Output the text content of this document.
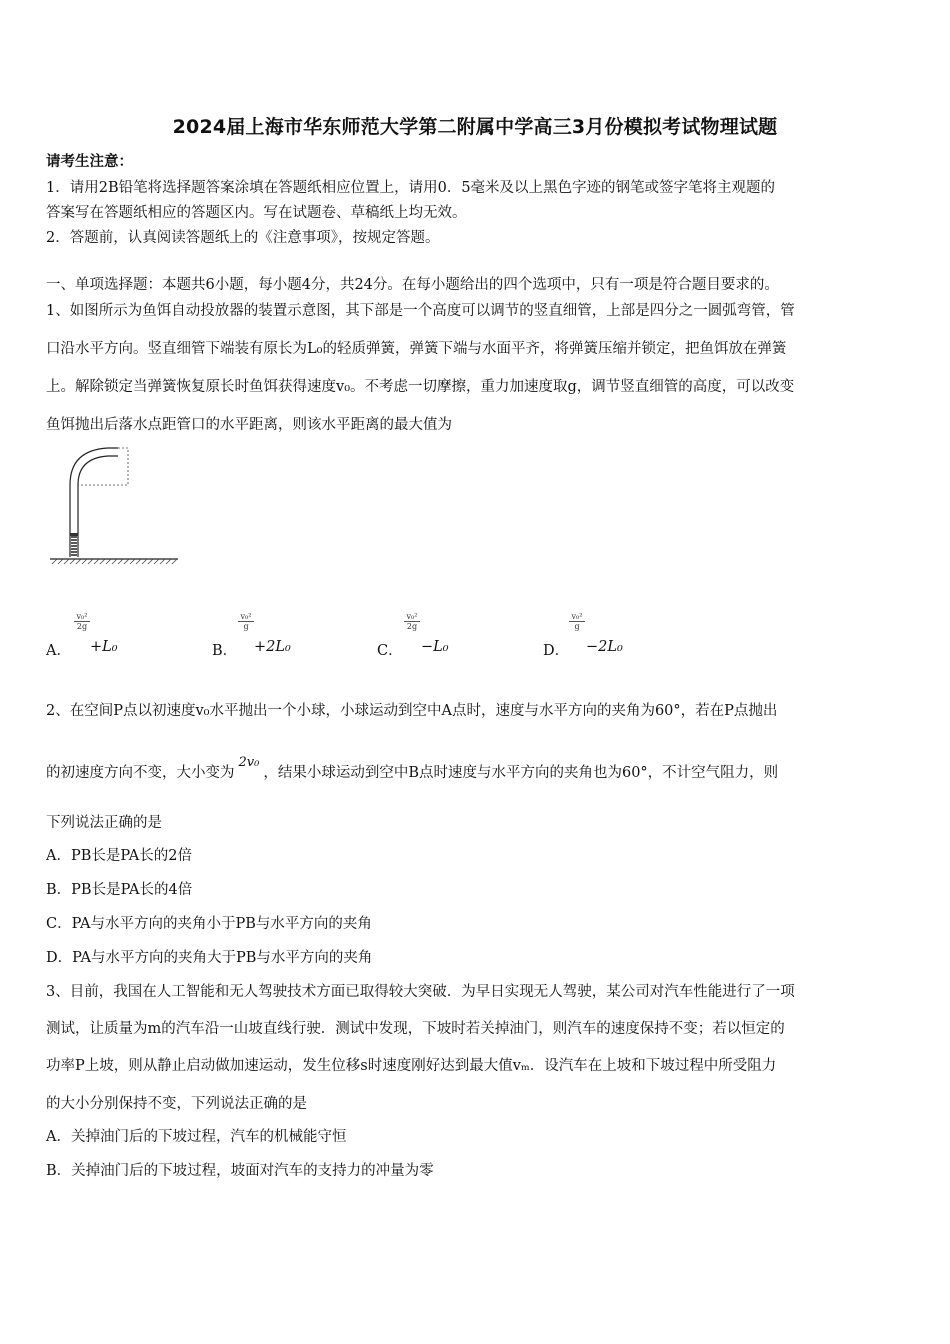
2024届上海市华东师范大学第二附属中学高三3月份模拟考试物理试题
请考生注意：
1．请用2B铅笔将选择题答案涂填在答题纸相应位置上，请用0．5毫米及以上黑色字迹的钢笔或签字笔将主观题的
答案写在答题纸相应的答题区内。写在试题卷、草稿纸上均无效。
2．答题前，认真阅读答题纸上的《注意事项》，按规定答题。
一、单项选择题：本题共6小题，每小题4分，共24分。在每小题给出的四个选项中，只有一项是符合题目要求的。
1、如图所示为鱼饵自动投放器的装置示意图，其下部是一个高度可以调节的竖直细管，上部是四分之一圆弧弯管，管
口沿水平方向。竖直细管下端装有原长为L₀的轻质弹簧，弹簧下端与水面平齐，将弹簧压缩并锁定，把鱼饵放在弹簧
上。解除锁定当弹簧恢复原长时鱼饵获得速度v₀。不考虑一切摩擦，重力加速度取g，调节竖直细管的高度，可以改变
鱼饵抛出后落水点距管口的水平距离，则该水平距离的最大值为
A．
$\frac{\text{v₀²}}{2g}$
+L₀	B．
$\frac{\text{v₀²}}{g}$
+2L₀	C．
$\frac{\text{v₀²}}{2g}$
−L₀	D．
$\frac{\text{v₀²}}{g}$
−2L₀
2、在空间P点以初速度v₀水平抛出一个小球，小球运动到空中A点时，速度与水平方向的夹角为60°，若在P点抛出
的初速度方向不变，大小变为2v₀，结果小球运动到空中B点时速度与水平方向的夹角也为60°，不计空气阻力，则
下列说法正确的是
A．PB长是PA长的2倍
B．PB长是PA长的4倍
C．PA与水平方向的夹角小于PB与水平方向的夹角
D．PA与水平方向的夹角大于PB与水平方向的夹角
3、目前，我国在人工智能和无人驾驶技术方面已取得较大突破．为早日实现无人驾驶，某公司对汽车性能进行了一项
测试，让质量为m的汽车沿一山坡直线行驶．测试中发现，下坡时若关掉油门，则汽车的速度保持不变；若以恒定的
功率P上坡，则从静止启动做加速运动，发生位移s时速度刚好达到最大值vₘ．设汽车在上坡和下坡过程中所受阻力
的大小分别保持不变，下列说法正确的是
A．关掉油门后的下坡过程，汽车的机械能守恒
B．关掉油门后的下坡过程，坡面对汽车的支持力的冲量为零
